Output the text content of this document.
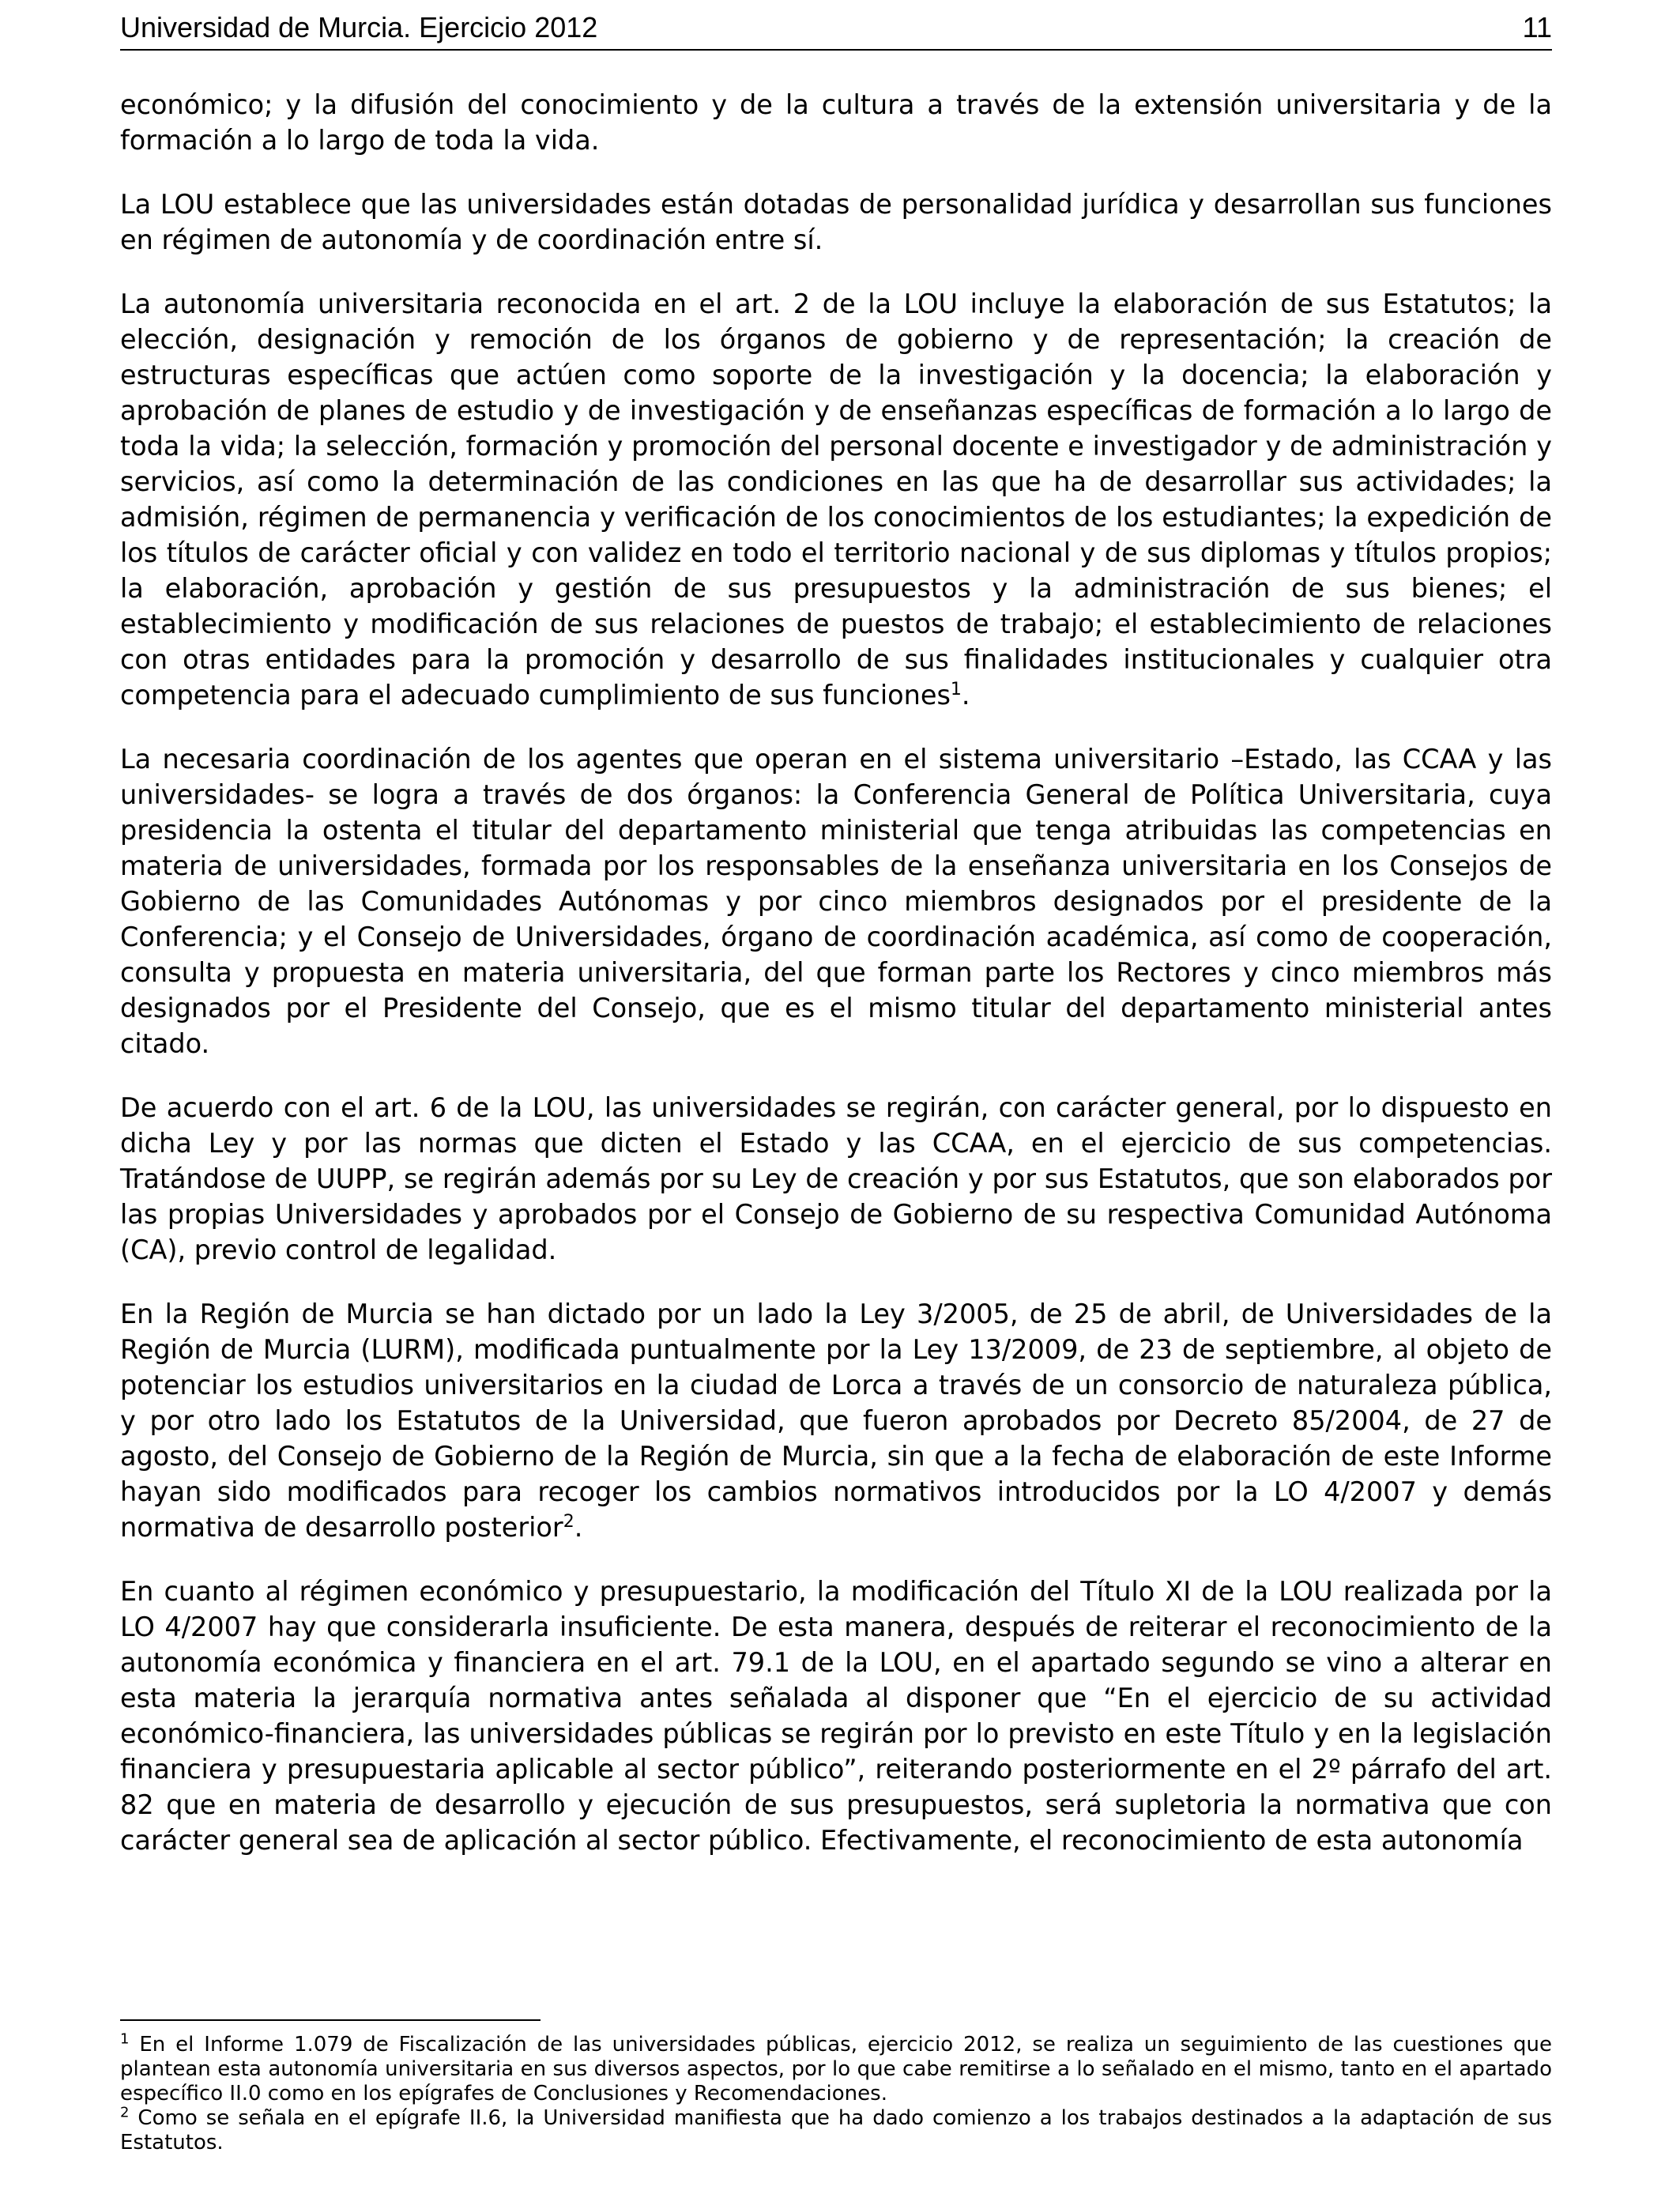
Universidad de Murcia. Ejercicio 2012	11

económico; y la difusión del conocimiento y de la cultura a través de la extensión universitaria y de la formación a lo largo de toda la vida.

La LOU establece que las universidades están dotadas de personalidad jurídica y desarrollan sus funciones en régimen de autonomía y de coordinación entre sí.

La autonomía universitaria reconocida en el art. 2 de la LOU incluye la elaboración de sus Estatutos; la elección, designación y remoción de los órganos de gobierno y de representación; la creación de estructuras específicas que actúen como soporte de la investigación y la docencia; la elaboración y aprobación de planes de estudio y de investigación y de enseñanzas específicas de formación a lo largo de toda la vida; la selección, formación y promoción del personal docente e investigador y de administración y servicios, así como la determinación de las condiciones en las que ha de desarrollar sus actividades; la admisión, régimen de permanencia y verificación de los conocimientos de los estudiantes; la expedición de los títulos de carácter oficial y con validez en todo el territorio nacional y de sus diplomas y títulos propios; la elaboración, aprobación y gestión de sus presupuestos y la administración de sus bienes; el establecimiento y modificación de sus relaciones de puestos de trabajo; el establecimiento de relaciones con otras entidades para la promoción y desarrollo de sus finalidades institucionales y cualquier otra competencia para el adecuado cumplimiento de sus funciones$^1$.

La necesaria coordinación de los agentes que operan en el sistema universitario –Estado, las CCAA y las universidades- se logra a través de dos órganos: la Conferencia General de Política Universitaria, cuya presidencia la ostenta el titular del departamento ministerial que tenga atribuidas las competencias en materia de universidades, formada por los responsables de la enseñanza universitaria en los Consejos de Gobierno de las Comunidades Autónomas y por cinco miembros designados por el presidente de la Conferencia; y el Consejo de Universidades, órgano de coordinación académica, así como de cooperación, consulta y propuesta en materia universitaria, del que forman parte los Rectores y cinco miembros más designados por el Presidente del Consejo, que es el mismo titular del departamento ministerial antes citado.

De acuerdo con el art. 6 de la LOU, las universidades se regirán, con carácter general, por lo dispuesto en dicha Ley y por las normas que dicten el Estado y las CCAA, en el ejercicio de sus competencias. Tratándose de UUPP, se regirán además por su Ley de creación y por sus Estatutos, que son elaborados por las propias Universidades y aprobados por el Consejo de Gobierno de su respectiva Comunidad Autónoma (CA), previo control de legalidad.

En la Región de Murcia se han dictado por un lado la Ley 3/2005, de 25 de abril, de Universidades de la Región de Murcia (LURM), modificada puntualmente por la Ley 13/2009, de 23 de septiembre, al objeto de potenciar los estudios universitarios en la ciudad de Lorca a través de un consorcio de naturaleza pública, y por otro lado los Estatutos de la Universidad, que fueron aprobados por Decreto 85/2004, de 27 de agosto, del Consejo de Gobierno de la Región de Murcia, sin que a la fecha de elaboración de este Informe hayan sido modificados para recoger los cambios normativos introducidos por la LO 4/2007 y demás normativa de desarrollo posterior$^2$.

En cuanto al régimen económico y presupuestario, la modificación del Título XI de la LOU realizada por la LO 4/2007 hay que considerarla insuficiente. De esta manera, después de reiterar el reconocimiento de la autonomía económica y financiera en el art. 79.1 de la LOU, en el apartado segundo se vino a alterar en esta materia la jerarquía normativa antes señalada al disponer que “En el ejercicio de su actividad económico-financiera, las universidades públicas se regirán por lo previsto en este Título y en la legislación financiera y presupuestaria aplicable al sector público”, reiterando posteriormente en el 2º párrafo del art. 82 que en materia de desarrollo y ejecución de sus presupuestos, será supletoria la normativa que con carácter general sea de aplicación al sector público. Efectivamente, el reconocimiento de esta autonomía

$^1$ En el Informe 1.079 de Fiscalización de las universidades públicas, ejercicio 2012, se realiza un seguimiento de las cuestiones que plantean esta autonomía universitaria en sus diversos aspectos, por lo que cabe remitirse a lo señalado en el mismo, tanto en el apartado específico II.0 como en los epígrafes de Conclusiones y Recomendaciones.

$^2$ Como se señala en el epígrafe II.6, la Universidad manifiesta que ha dado comienzo a los trabajos destinados a la adaptación de sus Estatutos.
